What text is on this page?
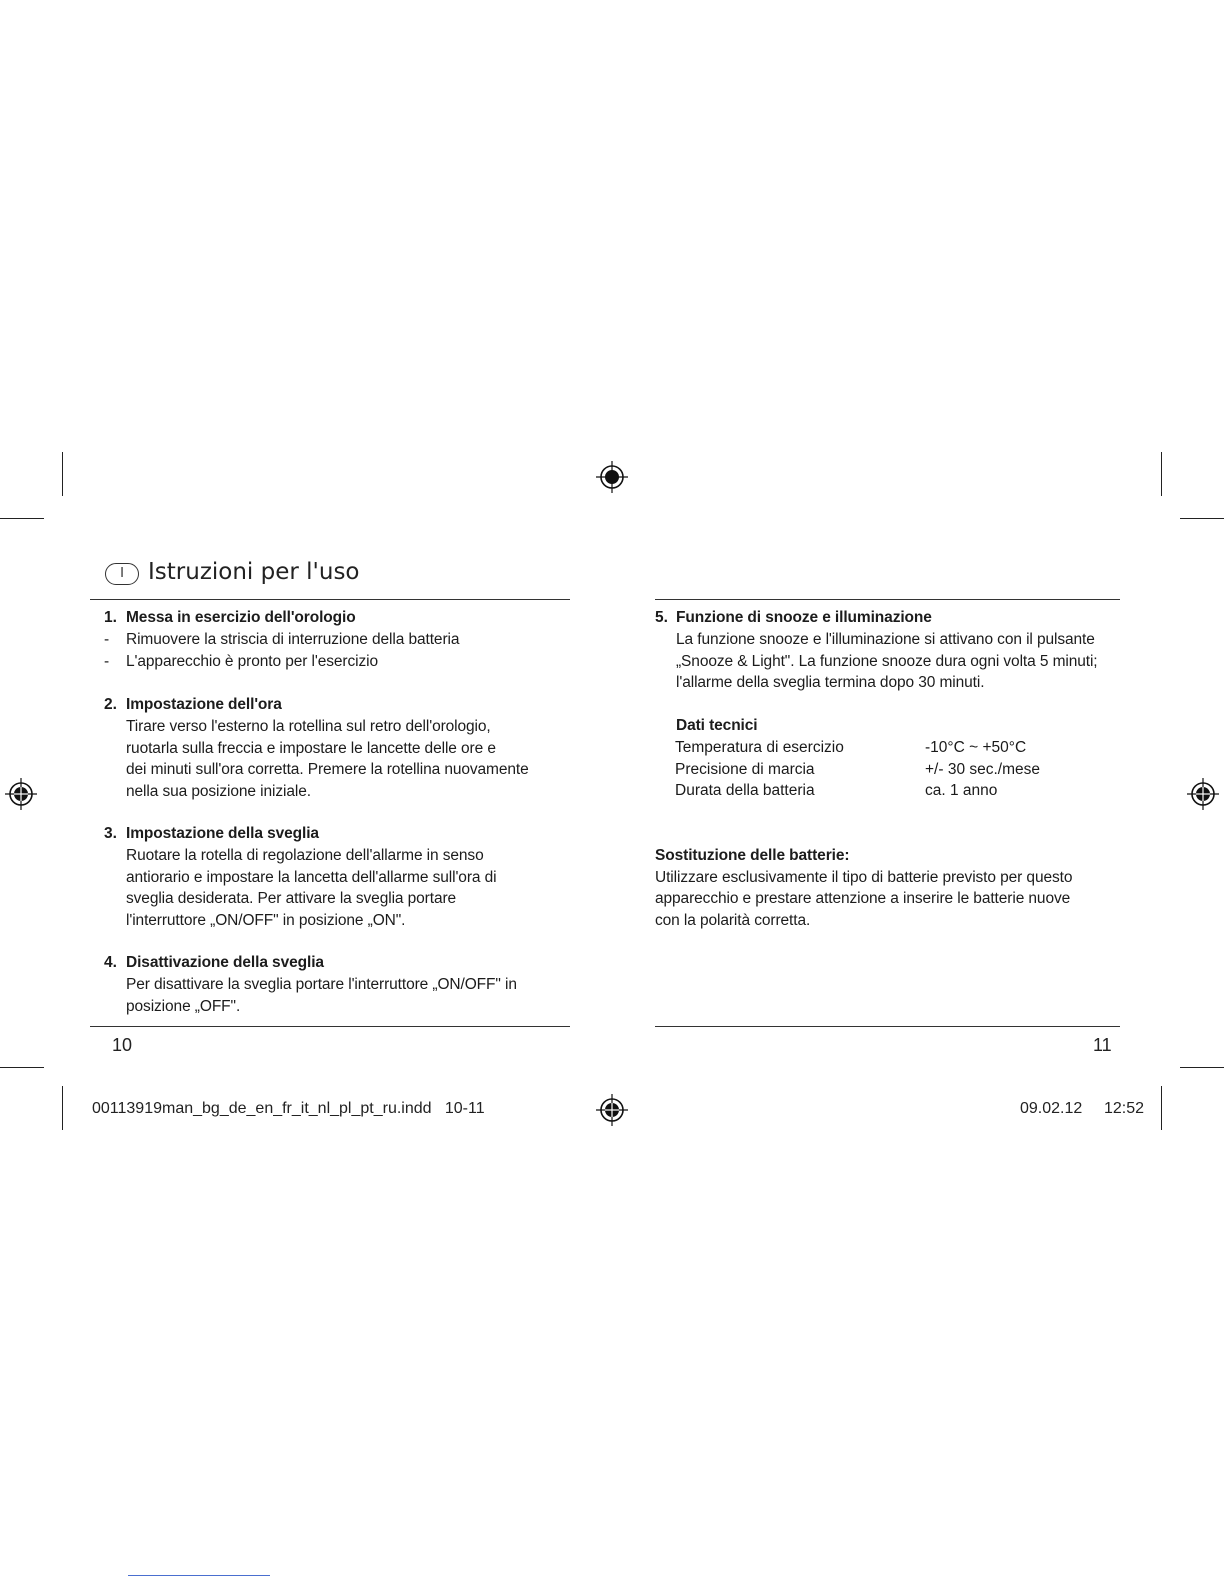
I	Istruzioni per l'uso
1. Messa in esercizio dell'orologio
- Rimuovere la striscia di interruzione della batteria
- L'apparecchio è pronto per l'esercizio
2. Impostazione dell'ora
Tirare verso l'esterno la rotellina sul retro dell'orologio,
ruotarla sulla freccia e impostare le lancette delle ore e
dei minuti sull'ora corretta. Premere la rotellina nuovamente
nella sua posizione iniziale.
3. Impostazione della sveglia
Ruotare la rotella di regolazione dell'allarme in senso
antiorario e impostare la lancetta dell'allarme sull'ora di
sveglia desiderata. Per attivare la sveglia portare
l'interruttore „ON/OFF" in posizione „ON".
4. Disattivazione della sveglia
Per disattivare la sveglia portare l'interruttore „ON/OFF" in
posizione „OFF".
10
5. Funzione di snooze e illuminazione
La funzione snooze e l'illuminazione si attivano con il pulsante
„Snooze & Light". La funzione snooze dura ogni volta 5 minuti;
l'allarme della sveglia termina dopo 30 minuti.
Dati tecnici
Temperatura di esercizio	-10°C ~ +50°C
Precisione di marcia	+/- 30 sec./mese
Durata della batteria	ca. 1 anno
Sostituzione delle batterie:
Utilizzare esclusivamente il tipo di batterie previsto per questo
apparecchio e prestare attenzione a inserire le batterie nuove
con la polarità corretta.
11
00113919man_bg_de_en_fr_it_nl_pl_pt_ru.indd   10-11	09.02.12 12:52
